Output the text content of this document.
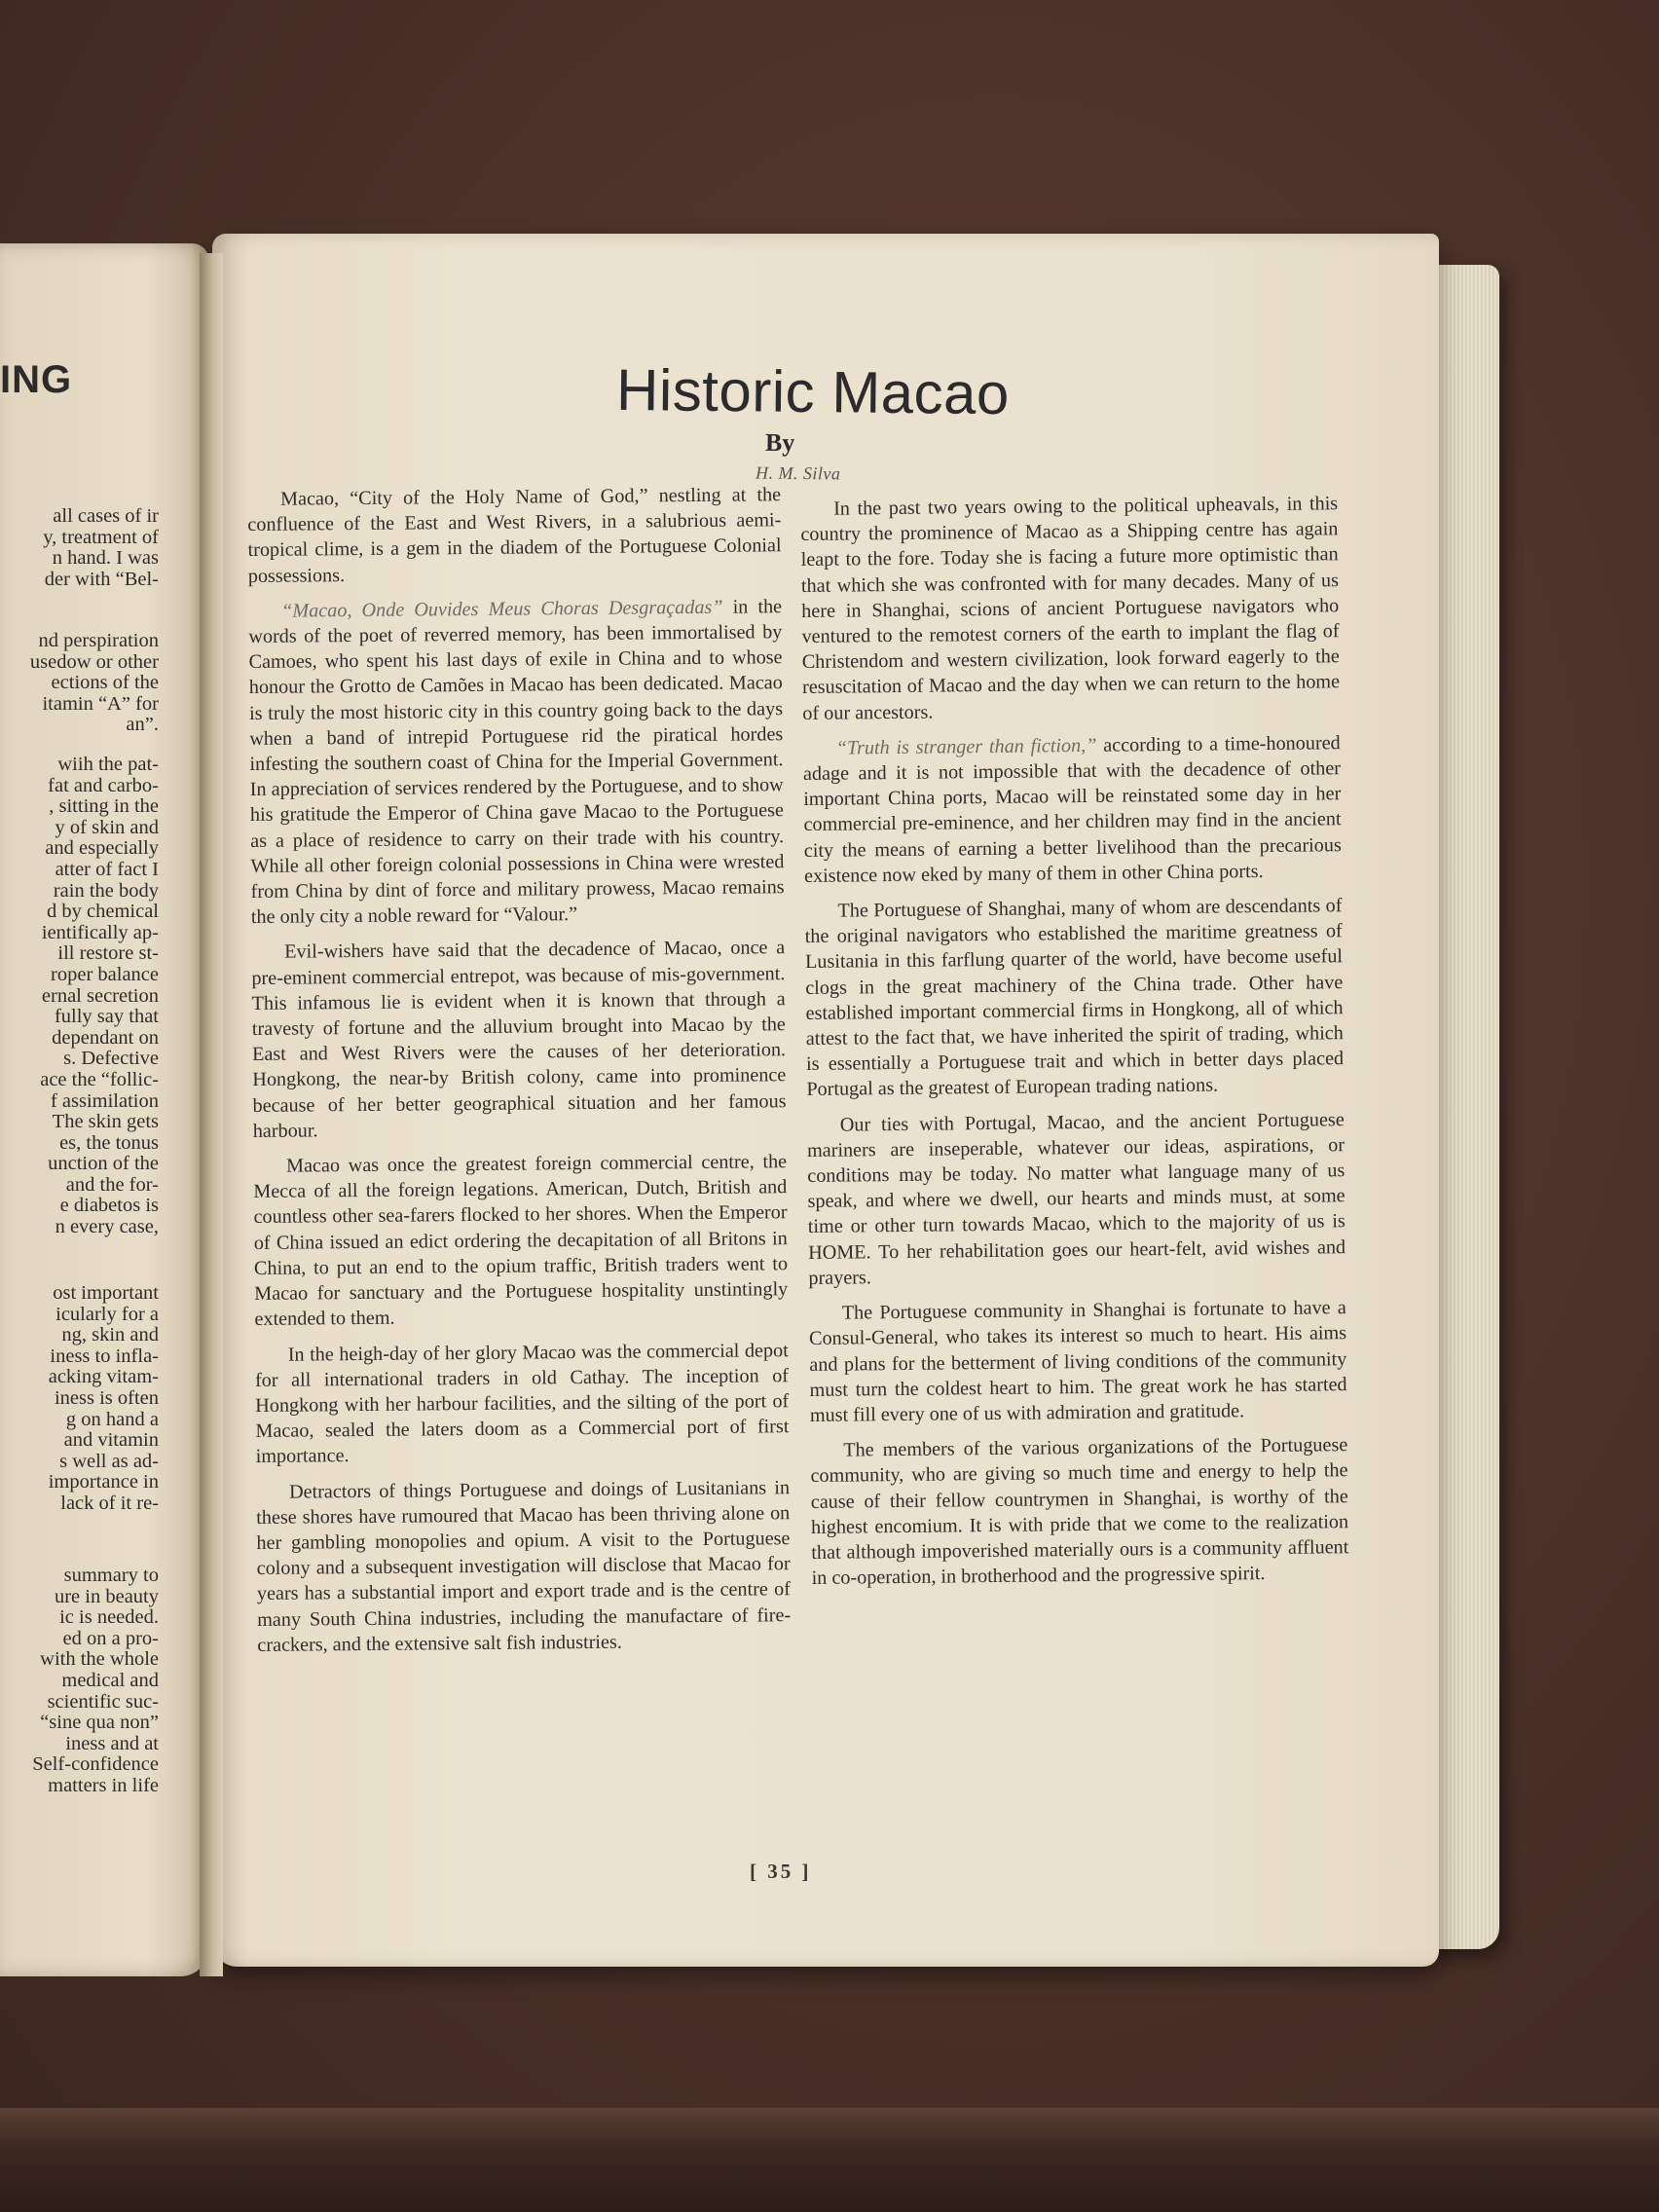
ING
all cases of ir
y, treatment of
n hand. I was
der with “Bel-
nd perspiration
usedow or other
ections of the
itamin “A” for
an”.
wiih the pat-
fat and carbo-
, sitting in the
y of skin and
and especially
atter of fact I
rain the body
d by chemical
ientifically ap-
ill restore st-
roper balance
ernal secretion
fully say that
dependant on
s. Defective
ace the “follic-
f assimilation
The skin gets
es, the tonus
unction of the
and the for-
e diabetos is
n every case,
ost important
icularly for a
ng, skin and
iness to infla-
acking vitam-
iness is often
g on hand a
and vitamin
s well as ad-
importance in
lack of it re-
summary to
ure in beauty
ic is needed.
ed on a pro-
with the whole
medical and
scientific suc-
“sine qua non”
iness and at
Self-confidence
matters in life
Historic Macao
By
H. M. Silva

Macao, “City of the Holy Name of God,” nestling at the confluence of the East and West Rivers, in a salubrious aemi-tropical clime, is a gem in the diadem of the Portuguese Colonial possessions.

“Macao, Onde Ouvides Meus Choras Desgraçadas” in the words of the poet of reverred memory, has been immortalised by Camoes, who spent his last days of exile in China and to whose honour the Grotto de Camões in Macao has been dedicated. Macao is truly the most historic city in this country going back to the days when a band of intrepid Portuguese rid the piratical hordes infesting the southern coast of China for the Imperial Government. In appreciation of services rendered by the Portuguese, and to show his gratitude the Emperor of China gave Macao to the Portuguese as a place of residence to carry on their trade with his country. While all other foreign colonial possessions in China were wrested from China by dint of force and military prowess, Macao remains the only city a noble reward for “Valour.”

Evil-wishers have said that the decadence of Macao, once a pre-eminent commercial entrepot, was because of mis-government. This infamous lie is evident when it is known that through a travesty of fortune and the alluvium brought into Macao by the East and West Rivers were the causes of her deterioration. Hongkong, the near-by British colony, came into prominence because of her better geographical situation and her famous harbour.

Macao was once the greatest foreign commercial centre, the Mecca of all the foreign legations. American, Dutch, British and countless other sea-farers flocked to her shores. When the Emperor of China issued an edict ordering the decapitation of all Britons in China, to put an end to the opium traffic, British traders went to Macao for sanctuary and the Portuguese hospitality unstintingly extended to them.

In the heigh-day of her glory Macao was the commercial depot for all international traders in old Cathay. The inception of Hongkong with her harbour facilities, and the silting of the port of Macao, sealed the laters doom as a Commercial port of first importance.

Detractors of things Portuguese and doings of Lusitanians in these shores have rumoured that Macao has been thriving alone on her gambling monopolies and opium. A visit to the Portuguese colony and a subsequent investigation will disclose that Macao for years has a substantial import and export trade and is the centre of many South China industries, including the manufactare of fire-crackers, and the extensive salt fish industries.

In the past two years owing to the political upheavals, in this country the prominence of Macao as a Shipping centre has again leapt to the fore. Today she is facing a future more optimistic than that which she was confronted with for many decades. Many of us here in Shanghai, scions of ancient Portuguese navigators who ventured to the remotest corners of the earth to implant the flag of Christendom and western civilization, look forward eagerly to the resuscitation of Macao and the day when we can return to the home of our ancestors.

“Truth is stranger than fiction,” according to a time-honoured adage and it is not impossible that with the decadence of other important China ports, Macao will be reinstated some day in her commercial pre-eminence, and her children may find in the ancient city the means of earning a better livelihood than the precarious existence now eked by many of them in other China ports.

The Portuguese of Shanghai, many of whom are descendants of the original navigators who established the maritime greatness of Lusitania in this farflung quarter of the world, have become useful clogs in the great machinery of the China trade. Other have established important commercial firms in Hongkong, all of which attest to the fact that, we have inherited the spirit of trading, which is essentially a Portuguese trait and which in better days placed Portugal as the greatest of European trading nations.

Our ties with Portugal, Macao, and the ancient Portuguese mariners are inseperable, whatever our ideas, aspirations, or conditions may be today. No matter what language many of us speak, and where we dwell, our hearts and minds must, at some time or other turn towards Macao, which to the majority of us is HOME. To her rehabilitation goes our heart-felt, avid wishes and prayers.

The Portuguese community in Shanghai is fortunate to have a Consul-General, who takes its interest so much to heart. His aims and plans for the betterment of living conditions of the community must turn the coldest heart to him. The great work he has started must fill every one of us with admiration and gratitude.

The members of the various organizations of the Portuguese community, who are giving so much time and energy to help the cause of their fellow countrymen in Shanghai, is worthy of the highest encomium. It is with pride that we come to the realization that although impoverished materially ours is a community affluent in co-operation, in brotherhood and the progressive spirit.

[ 35 ]
